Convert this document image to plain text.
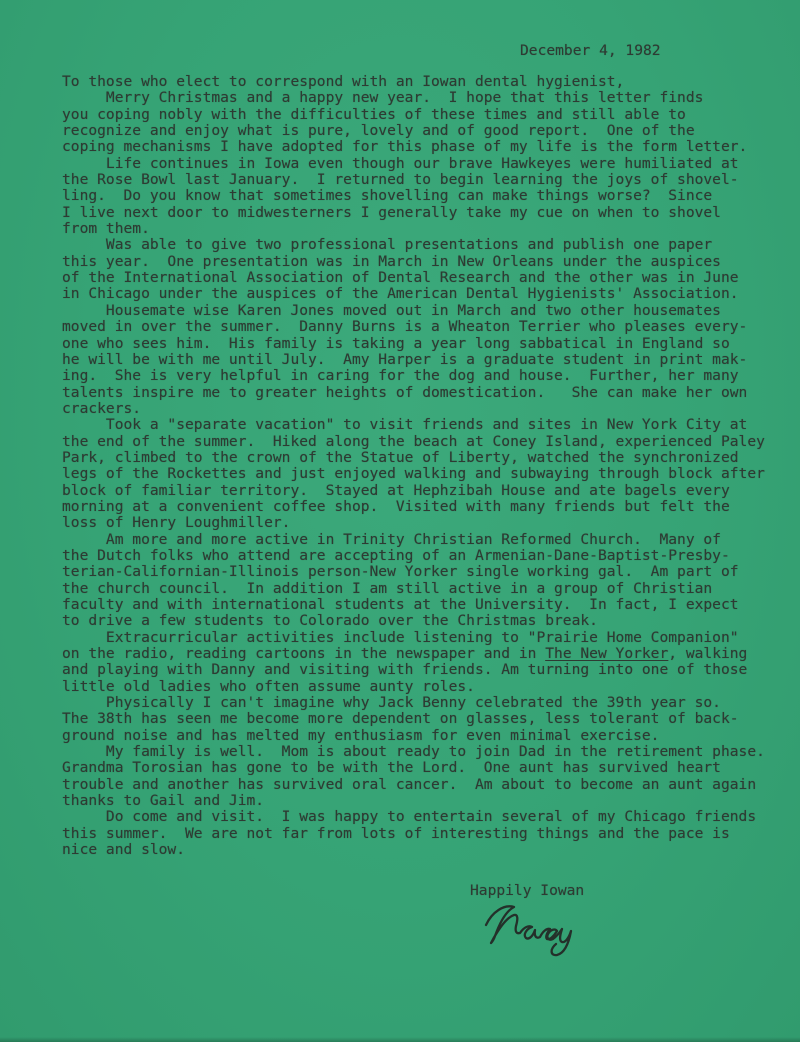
December 4, 1982
To those who elect to correspond with an Iowan dental hygienist,
Merry Christmas and a happy new year.  I hope that this letter finds
you coping nobly with the difficulties of these times and still able to
recognize and enjoy what is pure, lovely and of good report.  One of the
coping mechanisms I have adopted for this phase of my life is the form letter.
Life continues in Iowa even though our brave Hawkeyes were humiliated at
the Rose Bowl last January.  I returned to begin learning the joys of shovel-
ling.  Do you know that sometimes shovelling can make things worse?  Since
I live next door to midwesterners I generally take my cue on when to shovel
from them.
Was able to give two professional presentations and publish one paper
this year.  One presentation was in March in New Orleans under the auspices
of the International Association of Dental Research and the other was in June
in Chicago under the auspices of the American Dental Hygienists' Association.
Housemate wise Karen Jones moved out in March and two other housemates
moved in over the summer.  Danny Burns is a Wheaton Terrier who pleases every-
one who sees him.  His family is taking a year long sabbatical in England so
he will be with me until July.  Amy Harper is a graduate student in print mak-
ing.  She is very helpful in caring for the dog and house.  Further, her many
talents inspire me to greater heights of domestication.   She can make her own
crackers.
Took a "separate vacation" to visit friends and sites in New York City at
the end of the summer.  Hiked along the beach at Coney Island, experienced Paley
Park, climbed to the crown of the Statue of Liberty, watched the synchronized
legs of the Rockettes and just enjoyed walking and subwaying through block after
block of familiar territory.  Stayed at Hephzibah House and ate bagels every
morning at a convenient coffee shop.  Visited with many friends but felt the
loss of Henry Loughmiller.
Am more and more active in Trinity Christian Reformed Church.  Many of
the Dutch folks who attend are accepting of an Armenian-Dane-Baptist-Presby-
terian-Californian-Illinois person-New Yorker single working gal.  Am part of
the church council.  In addition I am still active in a group of Christian
faculty and with international students at the University.  In fact, I expect
to drive a few students to Colorado over the Christmas break.
Extracurricular activities include listening to "Prairie Home Companion"
on the radio, reading cartoons in the newspaper and in The New Yorker, walking
and playing with Danny and visiting with friends. Am turning into one of those
little old ladies who often assume aunty roles.
Physically I can't imagine why Jack Benny celebrated the 39th year so.
The 38th has seen me become more dependent on glasses, less tolerant of back-
ground noise and has melted my enthusiasm for even minimal exercise.
My family is well.  Mom is about ready to join Dad in the retirement phase.
Grandma Torosian has gone to be with the Lord.  One aunt has survived heart
trouble and another has survived oral cancer.  Am about to become an aunt again
thanks to Gail and Jim.
Do come and visit.  I was happy to entertain several of my Chicago friends
this summer.  We are not far from lots of interesting things and the pace is
nice and slow.
Happily Iowan
